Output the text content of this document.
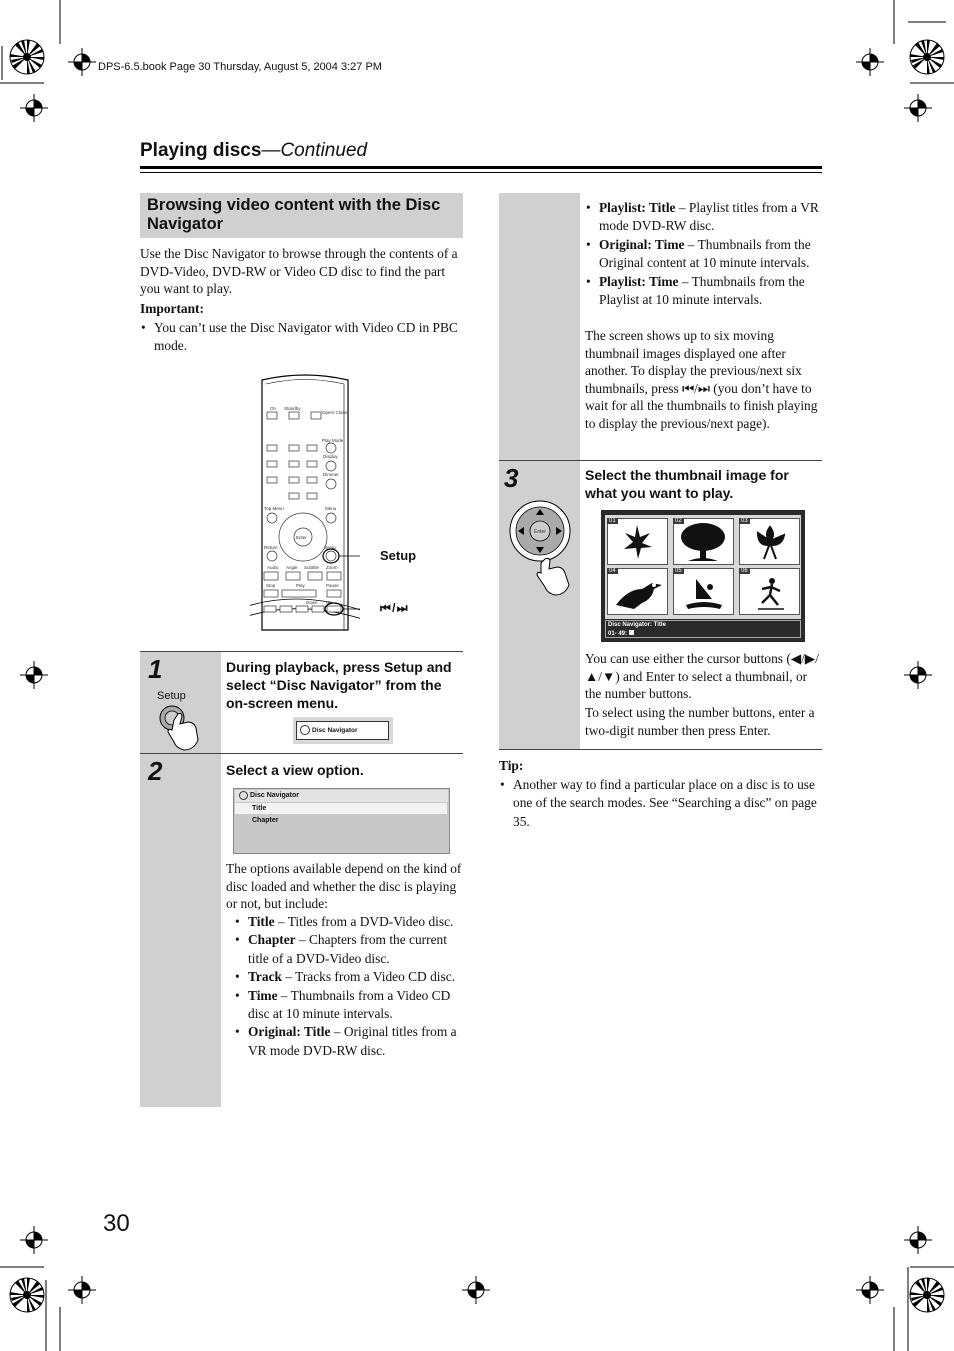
DPS-6.5.book Page 30 Thursday, August 5, 2004 3:27 PM
Playing discs—Continued
Browsing video content with the Disc Navigator

Use the Disc Navigator to browse through the contents of a DVD-Video, DVD-RW or Video CD disc to find the part you want to play.

Important:
• You can’t use the Disc Navigator with Video CD in PBC mode.
On Standby
Open/ Close
Play Mode
Display
Dimmer
Top Menu	Menu
Enter
Return	Setup
Audio Angle Subtitle Zoom
Stop	Play	Pause
Down Up
Setup
⏮ / ⏭
1
Setup

During playback, press Setup and select “Disc Navigator” from the on-screen menu.

Disc Navigator
2	Select a view option.

Disc Navigator
Title
Chapter

The options available depend on the kind of disc loaded and whether the disc is playing or not, but include:

• Title – Titles from a DVD-Video disc.
• Chapter – Chapters from the current title of a DVD-Video disc.
• Track – Tracks from a Video CD disc.
• Time – Thumbnails from a Video CD disc at 10 minute intervals.
• Original: Title – Original titles from a VR mode DVD-RW disc.
• Playlist: Title – Playlist titles from a VR mode DVD-RW disc.
• Original: Time – Thumbnails from the Original content at 10 minute intervals.
• Playlist: Time – Thumbnails from the Playlist at 10 minute intervals.

The screen shows up to six moving thumbnail images displayed one after another. To display the previous/next six thumbnails, press ⏮/⏭ (you don’t have to wait for all the thumbnails to finish playing to display the previous/next page).

3
Enter

Select the thumbnail image for what you want to play.

01	02	03
04	05	06
Disc Navigator: Title
01- 49:

You can use either the cursor buttons (◀/▶/▲/▼) and Enter to select a thumbnail, or the number buttons.

To select using the number buttons, enter a two-digit number then press Enter.

Tip:
• Another way to find a particular place on a disc is to use one of the search modes. See “Searching a disc” on page 35.
30
